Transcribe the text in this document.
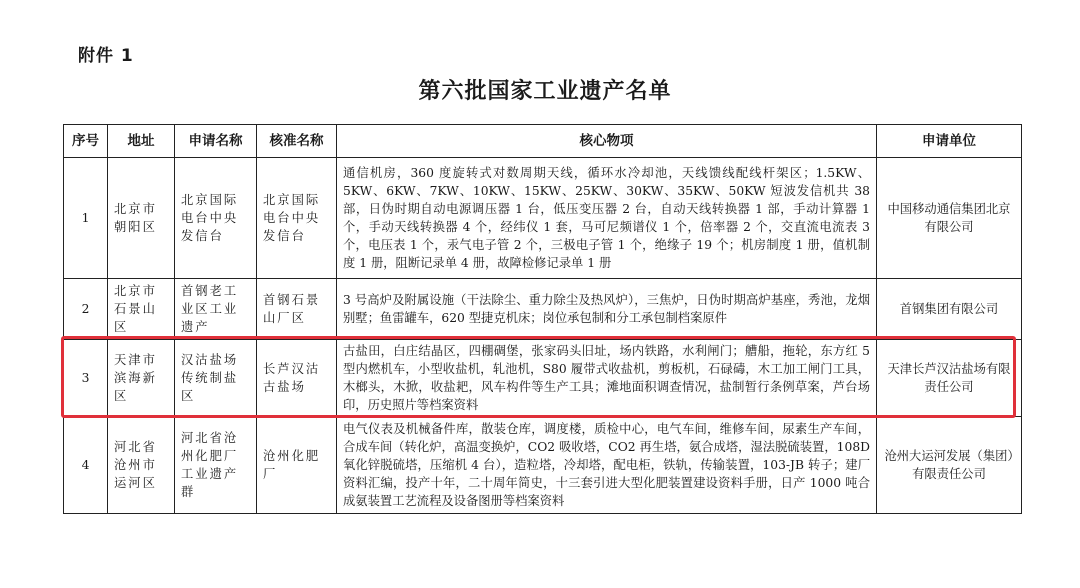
附件 1
第六批国家工业遗产名单
序号	地址	申请名称	核准名称	核心物项	申请单位
1	北京市朝阳区	北京国际电台中央发信台	北京国际电台中央发信台	通信机房，360 度旋转式对数周期天线，循环水冷却池，天线馈线配线杆架区；1.5KW、5KW、6KW、7KW、10KW、15KW、25KW、30KW、35KW、50KW 短波发信机共 38 部，日伪时期自动电源调压器 1 台，低压变压器 2 台，自动天线转换器 1 部，手动计算器 1 个，手动天线转换器 4 个，经纬仪 1 套，马可尼频谱仪 1 个，倍率器 2 个，交直流电流表 3 个，电压表 1 个，汞气电子管 2 个，三极电子管 1 个，绝缘子 19 个；机房制度 1 册，值机制度 1 册，阻断记录单 4 册，故障检修记录单 1 册	中国移动通信集团北京有限公司
2	北京市石景山区	首钢老工业区工业遗产	首钢石景山厂区	3 号高炉及附属设施（干法除尘、重力除尘及热风炉），三焦炉，日伪时期高炉基座，秀池，龙烟别墅；鱼雷罐车，620 型捷克机床；岗位承包制和分工承包制档案原件	首钢集团有限公司
3	天津市滨海新区	汉沽盐场传统制盐区	长芦汉沽古盐场	古盐田，白庄结晶区，四棚碉堡，张家码头旧址，场内铁路，水利闸门；艚船，拖轮，东方红 5 型内燃机车，小型收盐机，轧池机，S80 履带式收盐机，剪板机，石碌碡，木工加工闸门工具，木榔头，木掀，收盐耙，风车构件等生产工具；滩地面积调查情况，盐制暂行条例草案，芦台场印，历史照片等档案资料	天津长芦汉沽盐场有限责任公司
4	河北省沧州市运河区	河北省沧州化肥厂工业遗产群	沧州化肥厂	电气仪表及机械备件库，散装仓库，调度楼，质检中心，电气车间，维修车间，尿素生产车间，合成车间（转化炉，高温变换炉，CO2 吸收塔，CO2 再生塔，氨合成塔，湿法脱硫装置，108D 氧化锌脱硫塔，压缩机 4 台），造粒塔，冷却塔，配电柜，铁轨，传输装置，103-JB 转子；建厂资料汇编，投产十年，二十周年简史，十三套引进大型化肥装置建设资料手册，日产 1000 吨合成氨装置工艺流程及设备图册等档案资料	沧州大运河发展（集团）有限责任公司
